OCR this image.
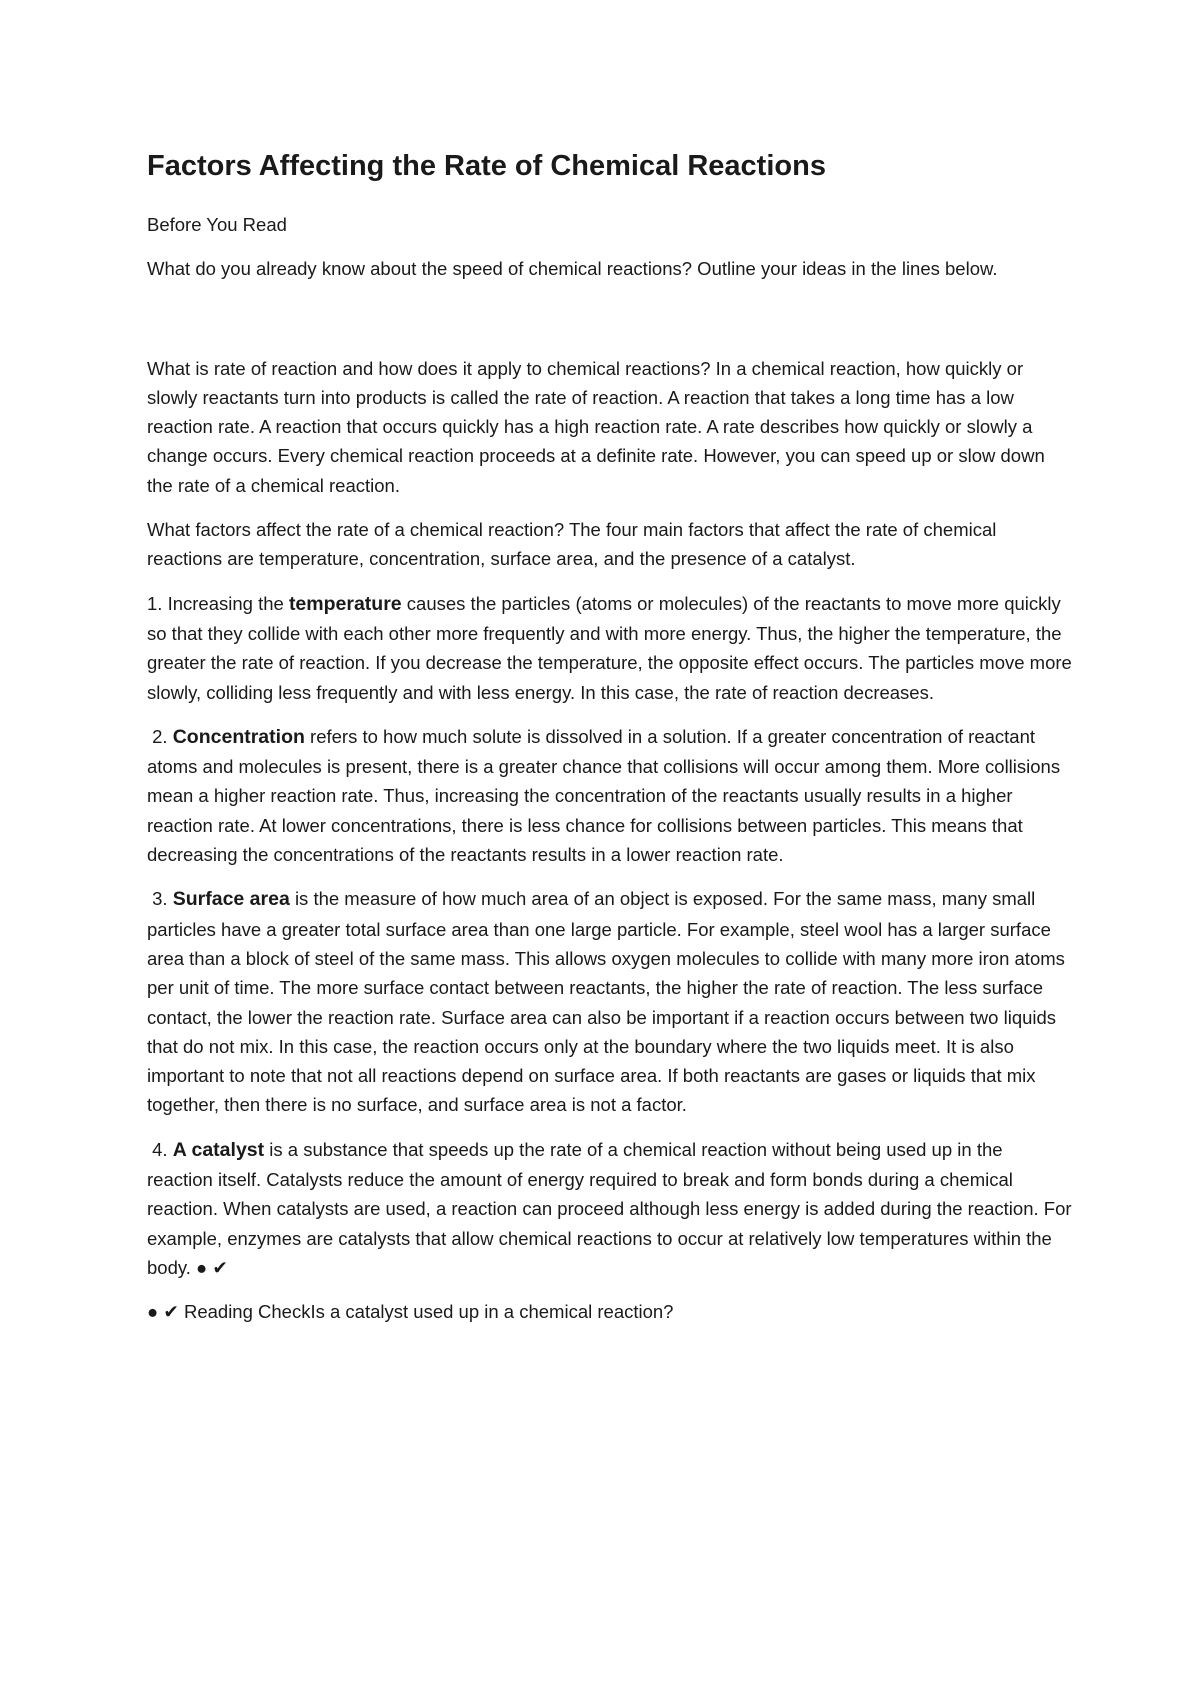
Factors Affecting the Rate of Chemical Reactions

Before You Read

What do you already know about the speed of chemical reactions? Outline your ideas in the lines below.

What is rate of reaction and how does it apply to chemical reactions? In a chemical reaction, how quickly or slowly reactants turn into products is called the rate of reaction. A reaction that takes a long time has a low reaction rate. A reaction that occurs quickly has a high reaction rate. A rate describes how quickly or slowly a change occurs. Every chemical reaction proceeds at a definite rate. However, you can speed up or slow down the rate of a chemical reaction.

What factors affect the rate of a chemical reaction? The four main factors that affect the rate of chemical reactions are temperature, concentration, surface area, and the presence of a catalyst.

1. Increasing the temperature causes the particles (atoms or molecules) of the reactants to move more quickly so that they collide with each other more frequently and with more energy. Thus, the higher the temperature, the greater the rate of reaction. If you decrease the temperature, the opposite effect occurs. The particles move more slowly, colliding less frequently and with less energy. In this case, the rate of reaction decreases.

2. Concentration refers to how much solute is dissolved in a solution. If a greater concentration of reactant atoms and molecules is present, there is a greater chance that collisions will occur among them. More collisions mean a higher reaction rate. Thus, increasing the concentration of the reactants usually results in a higher reaction rate. At lower concentrations, there is less chance for collisions between particles. This means that decreasing the concentrations of the reactants results in a lower reaction rate.

3. Surface area is the measure of how much area of an object is exposed. For the same mass, many small particles have a greater total surface area than one large particle. For example, steel wool has a larger surface area than a block of steel of the same mass. This allows oxygen molecules to collide with many more iron atoms per unit of time. The more surface contact between reactants, the higher the rate of reaction. The less surface contact, the lower the reaction rate. Surface area can also be important if a reaction occurs between two liquids that do not mix. In this case, the reaction occurs only at the boundary where the two liquids meet. It is also important to note that not all reactions depend on surface area. If both reactants are gases or liquids that mix together, then there is no surface, and surface area is not a factor.

4. A catalyst is a substance that speeds up the rate of a chemical reaction without being used up in the reaction itself. Catalysts reduce the amount of energy required to break and form bonds during a chemical reaction. When catalysts are used, a reaction can proceed although less energy is added during the reaction. For example, enzymes are catalysts that allow chemical reactions to occur at relatively low temperatures within the body. ● ✔

● ✔ Reading CheckIs a catalyst used up in a chemical reaction?
